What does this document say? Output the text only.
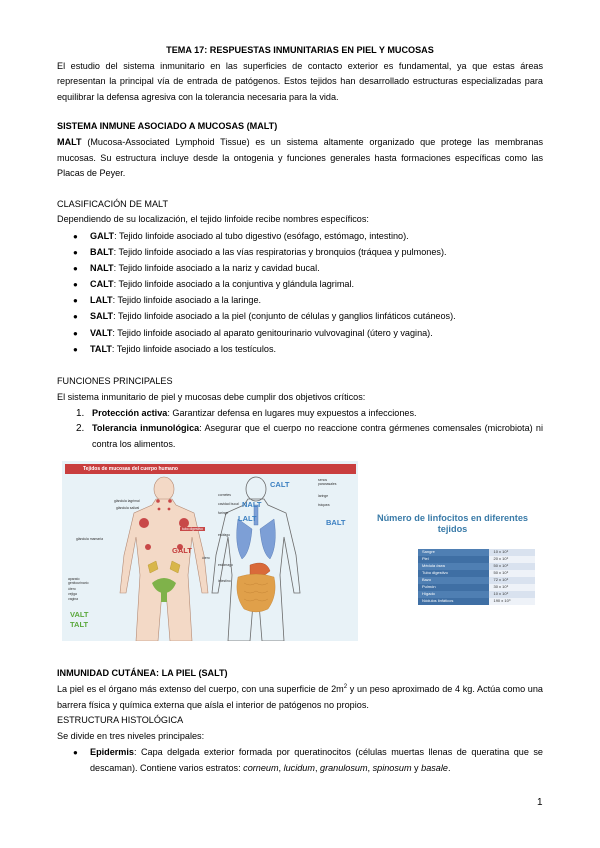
TEMA 17: RESPUESTAS INMUNITARIAS EN PIEL Y MUCOSAS

El estudio del sistema inmunitario en las superficies de contacto exterior es fundamental, ya que estas áreas representan la principal vía de entrada de patógenos. Estos tejidos han desarrollado estructuras especializadas para equilibrar la defensa agresiva con la tolerancia necesaria para la vida.

SISTEMA INMUNE ASOCIADO A MUCOSAS (MALT)

MALT (Mucosa-Associated Lymphoid Tissue) es un sistema altamente organizado que protege las membranas mucosas. Su estructura incluye desde la ontogenia y funciones generales hasta formaciones específicas como las Placas de Peyer.

CLASIFICACIÓN DE MALT

Dependiendo de su localización, el tejido linfoide recibe nombres específicos:

● GALT: Tejido linfoide asociado al tubo digestivo (esófago, estómago, intestino).
● BALT: Tejido linfoide asociado a las vías respiratorias y bronquios (tráquea y pulmones).
● NALT: Tejido linfoide asociado a la nariz y cavidad bucal.
● CALT: Tejido linfoide asociado a la conjuntiva y glándula lagrimal.
● LALT: Tejido linfoide asociado a la laringe.
● SALT: Tejido linfoide asociado a la piel (conjunto de células y ganglios linfáticos cutáneos).
● VALT: Tejido linfoide asociado al aparato genitourinario vulvovaginal (útero y vagina).
● TALT: Tejido linfoide asociado a los testículos.

FUNCIONES PRINCIPALES

El sistema inmunitario de piel y mucosas debe cumplir dos objetivos críticos:

1. Protección activa: Garantizar defensa en lugares muy expuestos a infecciones.
2. Tolerancia inmunológica: Asegurar que el cuerpo no reaccione contra gérmenes comensales (microbiota) ni contra los alimentos.

INMUNIDAD CUTÁNEA: LA PIEL (SALT)

La piel es el órgano más extenso del cuerpo, con una superficie de $2m^2$ y un peso aproximado de 4 kg. Actúa como una barrera física y química externa que aísla el interior de patógenos no propios.

ESTRUCTURA HISTOLÓGICA

Se divide en tres niveles principales:

● Epidermis: Capa delgada exterior formada por queratinocitos (células muertas llenas de queratina que se descaman). Contiene varios estratos: corneum, lucidum, granulosum, spinosum y basale.
Tejidos de mucosas del cuerpo humano
glándula lagrimal
glándula salival
glándula mamaria
tubo digestivo
útero
aparato genitourinario
útero
vejiga
vagina
senos paranasales
cornetes	laringe
tráquea
cavidad bucal
faringe
esófago
estómago
intestino
GALT
CALT
LALT
NALT
BALT
VALT
TALT
Número de linfocitos en diferentes tejidos
Sangre	10 x 10⁹
Piel	20 x 10⁹
Médula ósea	50 x 10⁹
Tubo digestivo	50 x 10⁹
Bazo	72 x 10⁹
Pulmón	30 x 10⁹
Hígado	10 x 10⁹
Nódulos linfáticos	190 x 10⁹
1
